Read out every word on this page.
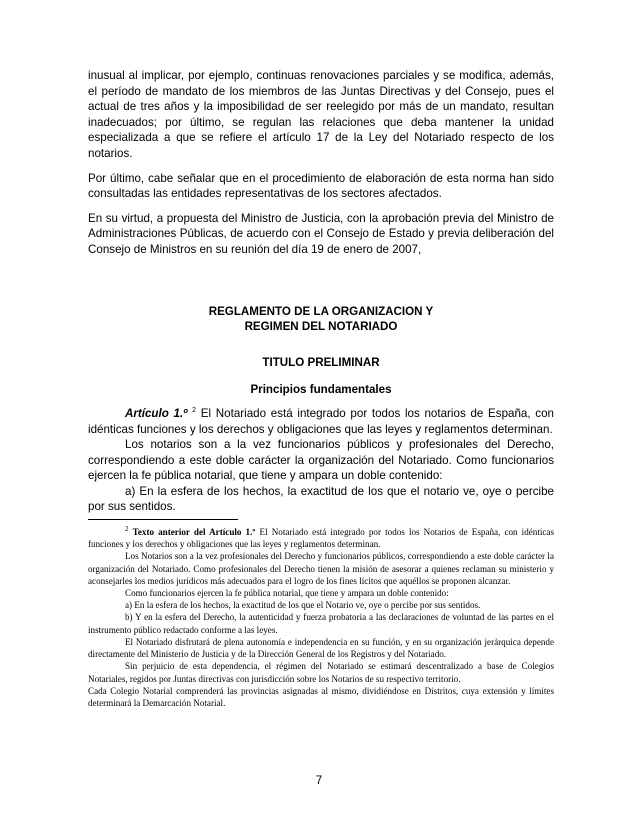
inusual al implicar, por ejemplo, continuas renovaciones parciales y se modifica, además, el período de mandato de los miembros de las Juntas Directivas y del Consejo, pues el actual de tres años y la imposibilidad de ser reelegido por más de un mandato, resultan inadecuados; por último, se regulan las relaciones que deba mantener la unidad especializada a que se refiere el artículo 17 de la Ley del Notariado respecto de los notarios.

Por último, cabe señalar que en el procedimiento de elaboración de esta norma han sido consultadas las entidades representativas de los sectores afectados.

En su virtud, a propuesta del Ministro de Justicia, con la aprobación previa del Ministro de Administraciones Públicas, de acuerdo con el Consejo de Estado y previa deliberación del Consejo de Ministros en su reunión del día 19 de enero de 2007,

REGLAMENTO DE LA ORGANIZACION Y
REGIMEN DEL NOTARIADO
TITULO PRELIMINAR
Principios fundamentales

Artículo 1.º $^2$ El Notariado está integrado por todos los notarios de España, con idénticas funciones y los derechos y obligaciones que las leyes y reglamentos determinan.

Los notarios son a la vez funcionarios públicos y profesionales del Derecho, correspondiendo a este doble carácter la organización del Notariado. Como funcionarios ejercen la fe pública notarial, que tiene y ampara un doble contenido:

a) En la esfera de los hechos, la exactitud de los que el notario ve, oye o percibe por sus sentidos.

$^2$ Texto anterior del Artículo 1.º El Notariado está integrado por todos los Notarios de España, con idénticas funciones y los derechos y obligaciones que las leyes y reglamentos determinan.

Los Notarios son a la vez profesionales del Derecho y funcionarios públicos, correspondiendo a este doble carácter la organización del Notariado. Como profesionales del Derecho tienen la misión de asesorar a quienes reclaman su ministerio y aconsejarles los medios jurídicos más adecuados para el logro de los fines lícitos que aquéllos se proponen alcanzar.

Como funcionarios ejercen la fe pública notarial, que tiene y ampara un doble contenido:

a) En la esfera de los hechos, la exactitud de los que el Notario ve, oye o percibe por sus sentidos.

b) Y en la esfera del Derecho, la autenticidad y fuerza probatoria a las declaraciones de voluntad de las partes en el instrumento público redactado conforme a las leyes.

El Notariado disfrutará de plena autonomía e independencia en su función, y en su organización jerárquica depende directamente del Ministerio de Justicia y de la Dirección General de los Registros y del Notariado.

Sin perjuicio de esta dependencia, el régimen del Notariado se estimará descentralizado a base de Colegios Notariales, regidos por Juntas directivas con jurisdicción sobre los Notarios de su respectivo territorio.

Cada Colegio Notarial comprenderá las provincias asignadas al mismo, dividiéndose en Distritos, cuya extensión y límites determinará la Demarcación Notarial.

7
